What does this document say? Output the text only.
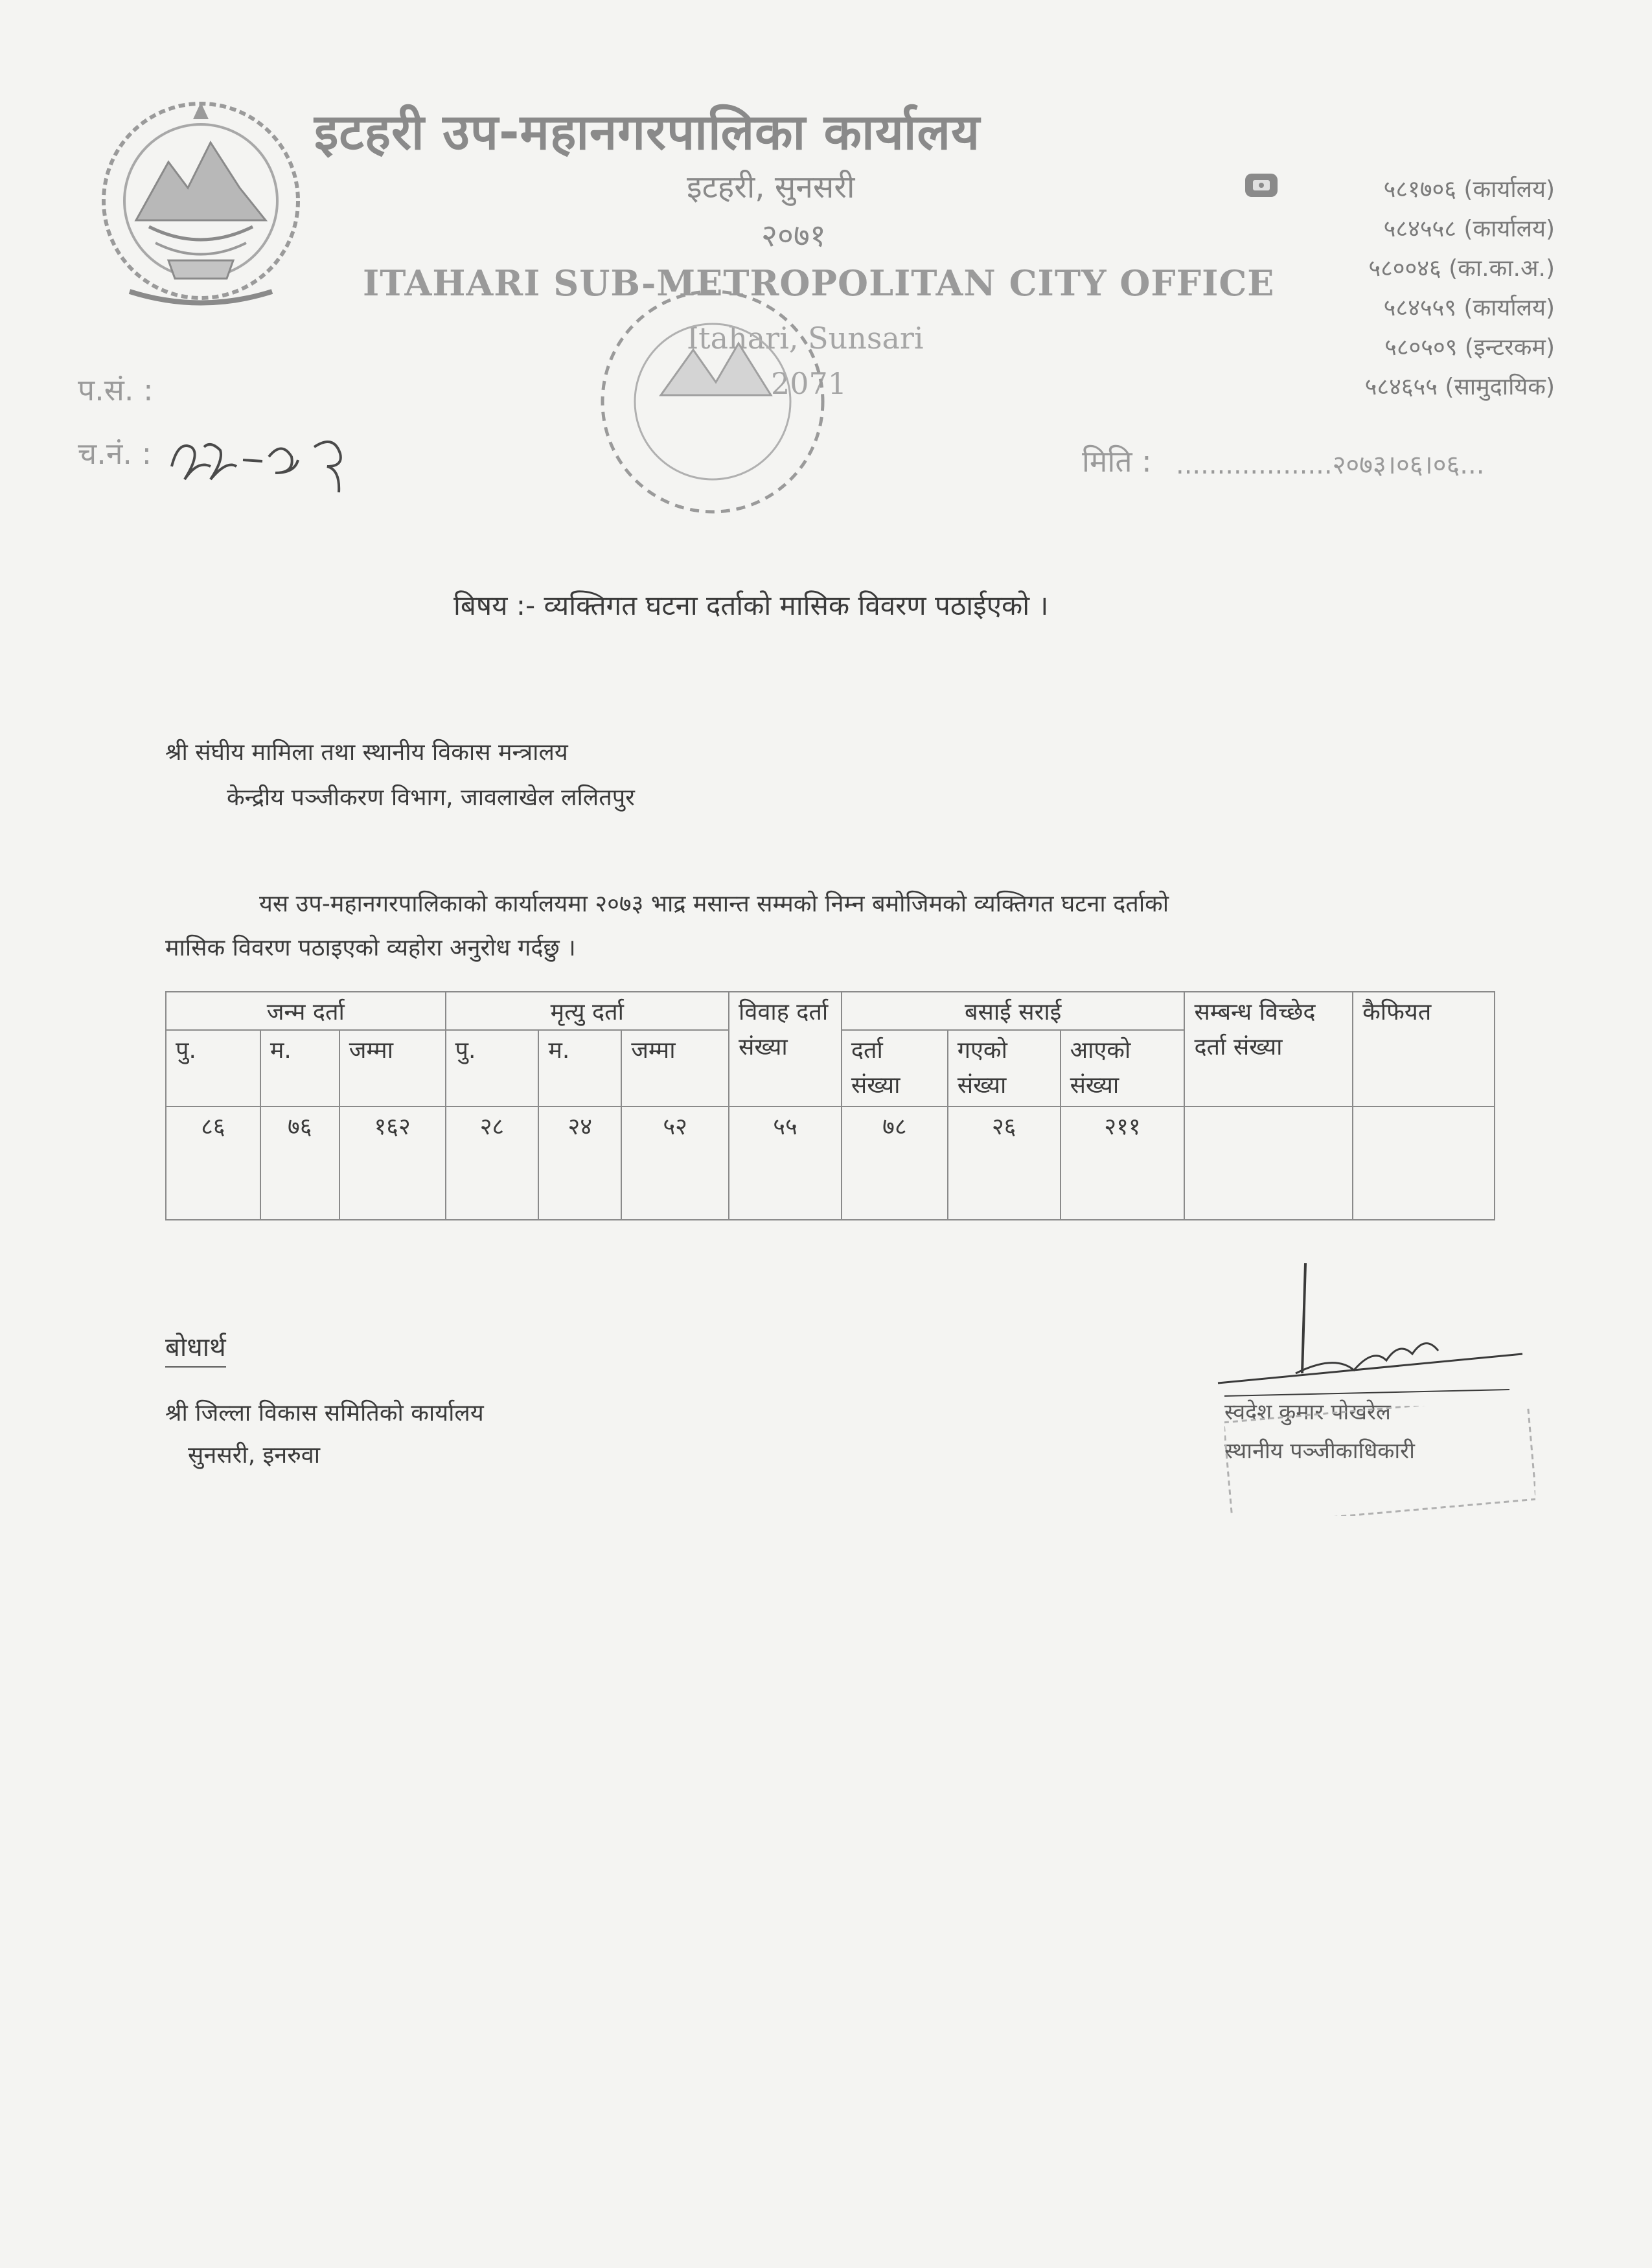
इटहरी उप-महानगरपालिका कार्यालय
इटहरी, सुनसरी
२०७१
ITAHARI SUB-METROPOLITAN CITY OFFICE
Itahari, Sunsari
2071
५८१७०६ (कार्यालय)
५८४५५८ (कार्यालय)
५८००४६ (का.का.अ.)
५८४५५९ (कार्यालय)
५८०५०९ (इन्टरकम)
५८४६५५ (सामुदायिक)
प.सं. :
च.नं. :	मिति : ...................२०७३।०६।०६...
बिषय :- व्यक्तिगत घटना दर्ताको मासिक विवरण पठाईएको ।
श्री संघीय मामिला तथा स्थानीय विकास मन्त्रालय
केन्द्रीय पञ्जीकरण विभाग, जावलाखेल ललितपुर
यस उप-महानगरपालिकाको कार्यालयमा २०७३ भाद्र मसान्त सम्मको निम्न बमोजिमको व्यक्तिगत घटना दर्ताको
मासिक विवरण पठाइएको व्यहोरा अनुरोध गर्दछु ।
जन्म दर्ता			मृत्यु दर्ता			विवाह दर्ता संख्या	बसाई सराई			सम्बन्ध विच्छेद दर्ता संख्या	कैफियत
पु.	म.	जम्मा	पु.	म.	जम्मा		दर्ता संख्या	गएको संख्या	आएको संख्या		
८६	७६	१६२	२८	२४	५२	५५	७८	२६	२११		
बोधार्थ
श्री जिल्ला विकास समितिको कार्यालय
सुनसरी, इनरुवा
स्वदेश कुमार पोखरेल
स्थानीय पञ्जीकाधिकारी
